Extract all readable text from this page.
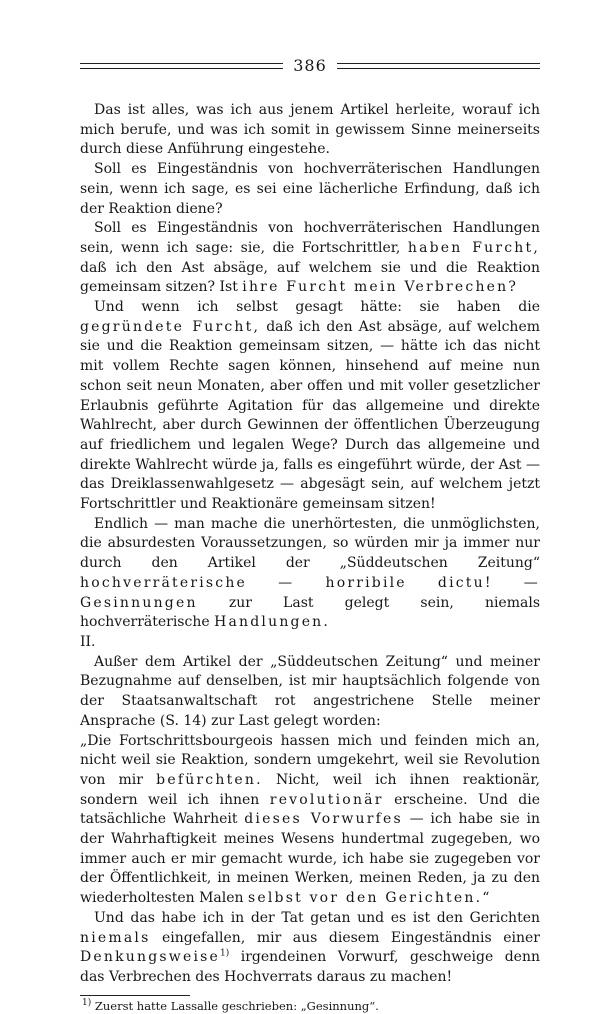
386

Das ist alles, was ich aus jenem Artikel herleite, worauf ich mich berufe, und was ich somit in gewissem Sinne meinerseits durch diese Anführung eingestehe.

Soll es Eingeständnis von hochverräterischen Handlungen sein, wenn ich sage, es sei eine lächerliche Erfindung, daß ich der Reaktion diene?

Soll es Eingeständnis von hochverräterischen Handlungen sein, wenn ich sage: sie, die Fortschrittler, haben Furcht, daß ich den Ast absäge, auf welchem sie und die Reaktion gemeinsam sitzen? Ist ihre Furcht mein Verbrechen?

Und wenn ich selbst gesagt hätte: sie haben die gegründete Furcht, daß ich den Ast absäge, auf welchem sie und die Reaktion gemeinsam sitzen, — hätte ich das nicht mit vollem Rechte sagen können, hinsehend auf meine nun schon seit neun Monaten, aber offen und mit voller gesetzlicher Erlaubnis geführte Agitation für das allgemeine und direkte Wahlrecht, aber durch Gewinnen der öffentlichen Überzeugung auf friedlichem und legalen Wege? Durch das allgemeine und direkte Wahlrecht würde ja, falls es eingeführt würde, der Ast — das Dreiklassenwahlgesetz — abgesägt sein, auf welchem jetzt Fortschrittler und Reaktionäre gemeinsam sitzen!

Endlich — man mache die unerhörtesten, die unmöglichsten, die absurdesten Voraussetzungen, so würden mir ja immer nur durch den Artikel der „Süddeutschen Zeitung“ hochverräterische — horribile dictu! — Gesinnungen zur Last gelegt sein, niemals hochverräterische Handlungen.

II.

Außer dem Artikel der „Süddeutschen Zeitung“ und meiner Bezugnahme auf denselben, ist mir hauptsächlich folgende von der Staatsanwaltschaft rot angestrichene Stelle meiner Ansprache (S. 14) zur Last gelegt worden:

„Die Fortschrittsbourgeois hassen mich und feinden mich an, nicht weil sie Reaktion, sondern umgekehrt, weil sie Revolution von mir befürchten. Nicht, weil ich ihnen reaktionär, sondern weil ich ihnen revolutionär erscheine. Und die tatsächliche Wahrheit dieses Vorwurfes — ich habe sie in der Wahrhaftigkeit meines Wesens hundertmal zugegeben, wo immer auch er mir gemacht wurde, ich habe sie zugegeben vor der Öffentlichkeit, in meinen Werken, meinen Reden, ja zu den wiederholtesten Malen selbst vor den Gerichten.“

Und das habe ich in der Tat getan und es ist den Gerichten niemals eingefallen, mir aus diesem Eingeständnis einer Denkungsweise$^{1)}$ irgendeinen Vorwurf, geschweige denn das Verbrechen des Hochverrats daraus zu machen!

$^{1)}$ Zuerst hatte Lassalle geschrieben: „Gesinnung“.
